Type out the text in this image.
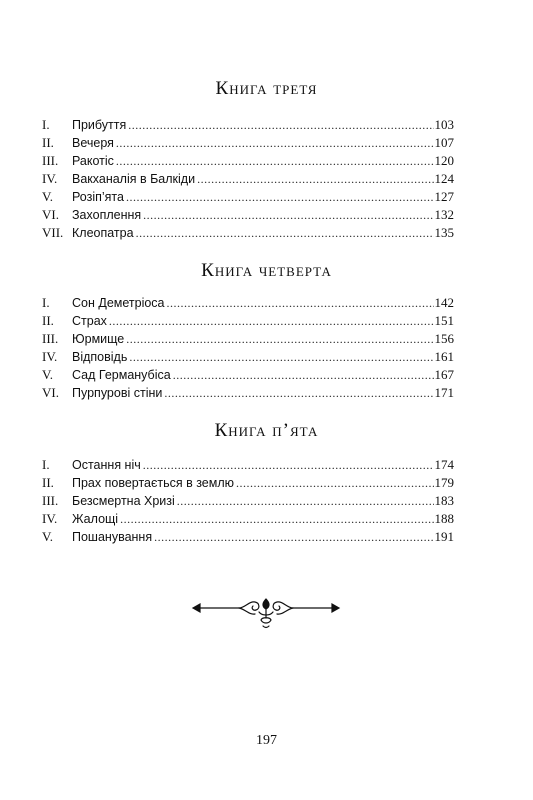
Книга третя
I.	Прибуття .....	103
II.	Вечеря .....	107
III.	Ракотіс .....	120
IV.	Вакханалія в Балкіди .....	124
V.	Розіп’ята .....	127
VI.	Захоплення .....	132
VII. Клеопатра .....	135
Книга четверта
I.	Сон Деметріоса .....	142
II.	Страх .....	151
III.	Юрмище .....	156
IV.	Відповідь .....	161
V.	Сад Германубіса .....	167
VI.	Пурпурові стіни .....	171
Книга п’ята
I.	Остання ніч .....	174
II.	Прах повертається в землю .....	179
III.	Безсмертна Хризі .....	183
IV.	Жалощі .....	188
V.	Пошанування .....	191
197
